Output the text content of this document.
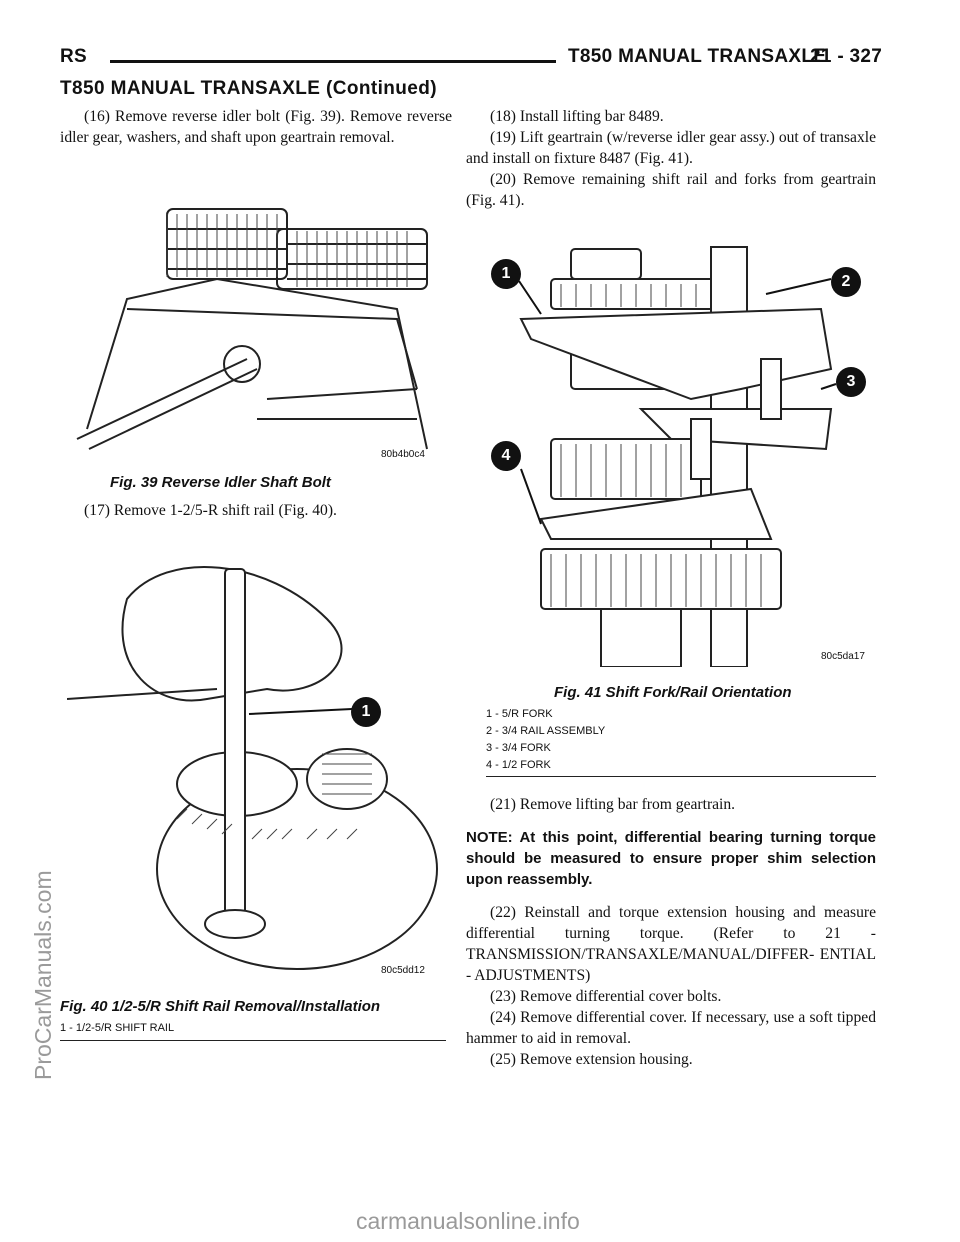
RS	T850 MANUAL TRANSAXLE
21 - 327
T850 MANUAL TRANSAXLE (Continued)

(16) Remove reverse idler bolt (Fig. 39). Remove reverse idler gear, washers, and shaft upon geartrain removal.

80b4b0c4
Fig. 39 Reverse Idler Shaft Bolt

(17) Remove 1-2/5-R shift rail (Fig. 40).

1
80c5dd12
Fig. 40 1/2-5/R Shift Rail Removal/Installation
1 - 1/2-5/R SHIFT RAIL

(18) Install lifting bar 8489.

(19) Lift geartrain (w/reverse idler gear assy.) out of transaxle and install on fixture 8487 (Fig. 41).

(20) Remove remaining shift rail and forks from geartrain (Fig. 41).

1	2
3
4
80c5da17
Fig. 41 Shift Fork/Rail Orientation
1 - 5/R FORK
2 - 3/4 RAIL ASSEMBLY
3 - 3/4 FORK
4 - 1/2 FORK

(21) Remove lifting bar from geartrain.

NOTE: At this point, differential bearing turning torque should be measured to ensure proper shim selection upon reassembly.

(22) Reinstall and torque extension housing and measure differential turning torque. (Refer to 21 - TRANSMISSION/TRANSAXLE/MANUAL/DIFFER- ENTIAL - ADJUSTMENTS)

(23) Remove differential cover bolts.

(24) Remove differential cover. If necessary, use a soft tipped hammer to aid in removal.

(25) Remove extension housing.

ProCarManuals.com
carmanualsonline.info
